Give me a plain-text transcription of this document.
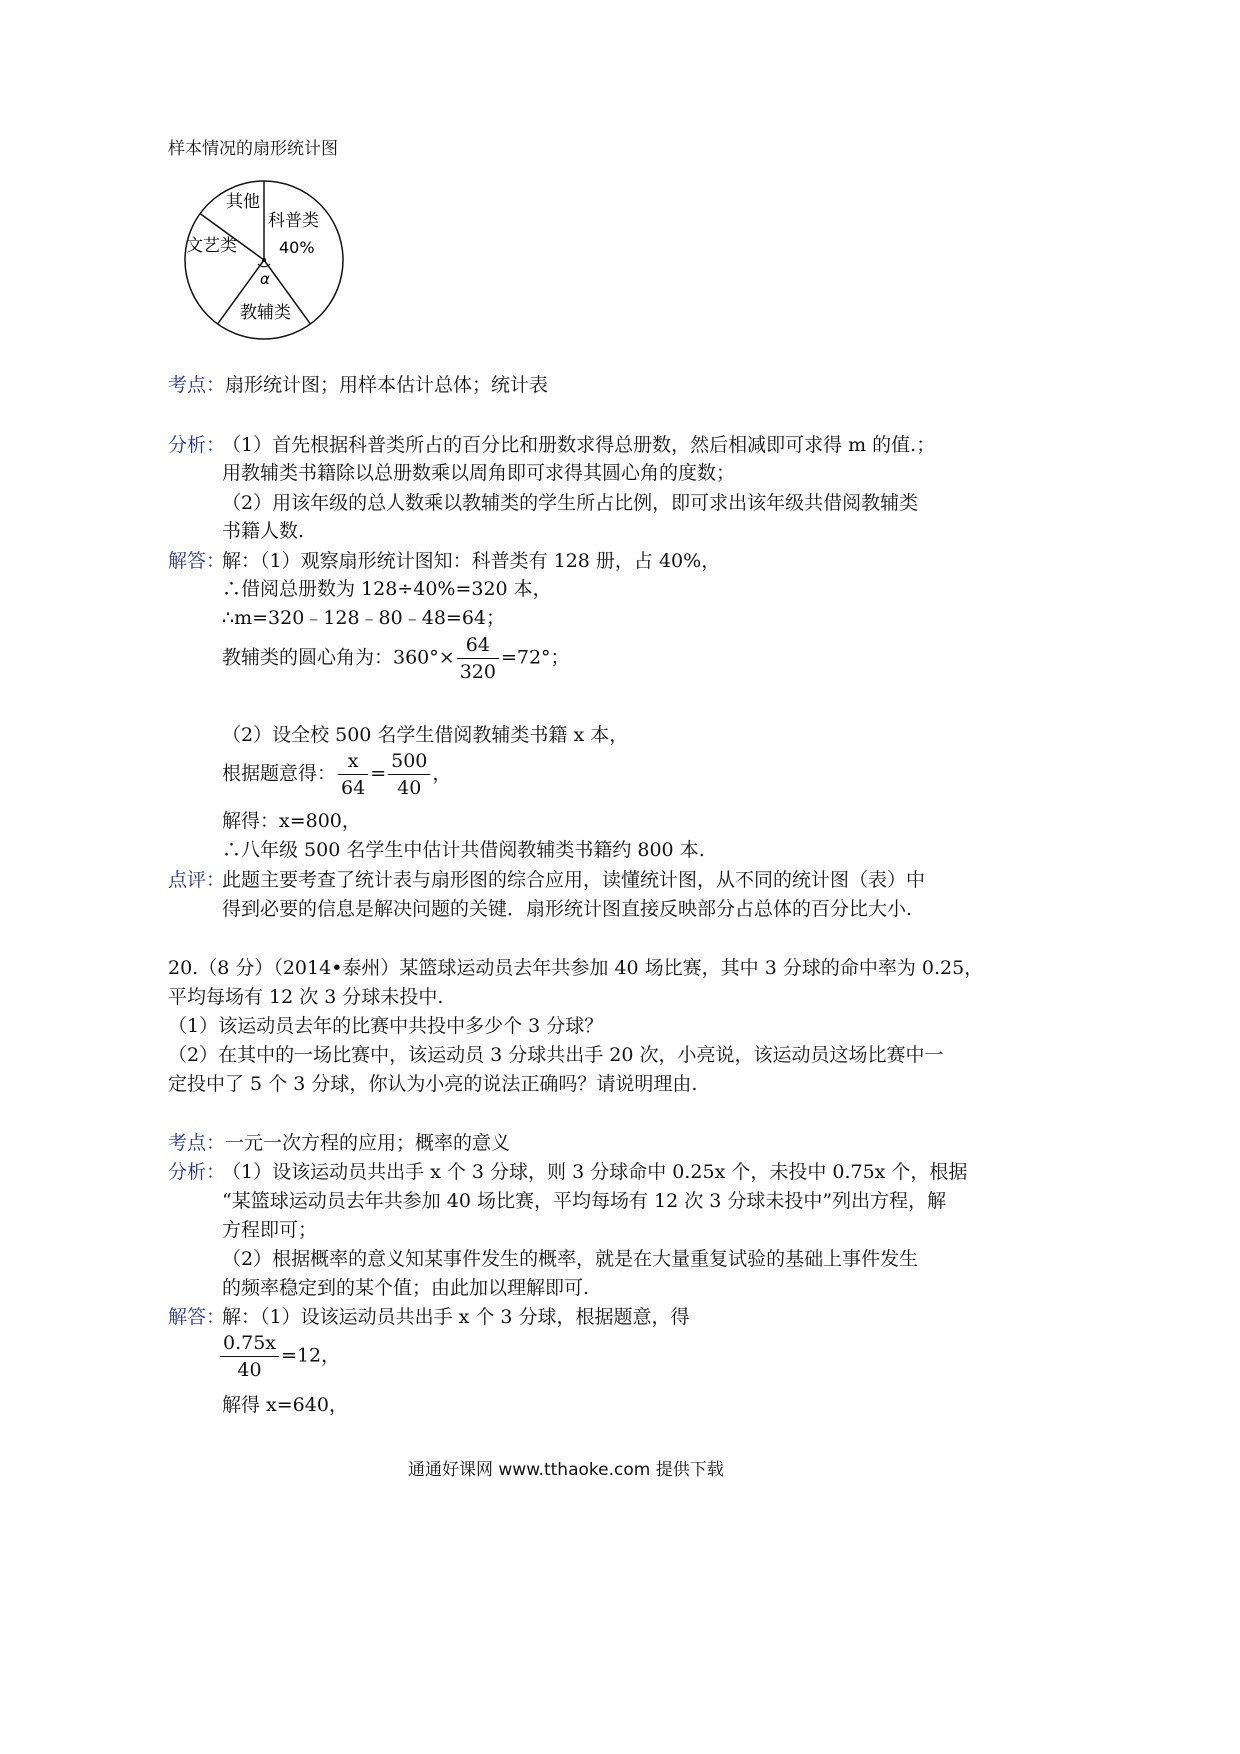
样本情况的扇形统计图
其他
科普类
40%
文艺类
α
教辅类
考点：扇形统计图；用样本估计总体；统计表
分析：
（1）首先根据科普类所占的百分比和册数求得总册数，然后相减即可求得 m 的值.；
用教辅类书籍除以总册数乘以周角即可求得其圆心角的度数；
（2）用该年级的总人数乘以教辅类的学生所占比例，即可求出该年级共借阅教辅类
书籍人数.
解答：
解：（1）观察扇形统计图知：科普类有 128 册，占 40%，
∴借阅总册数为 128÷40%=320 本，
∴m=320﹣128﹣80﹣48=64；
教辅类的圆心角为：$360^\circ\times \frac{64}{320} =72^\circ$；
（2）设全校 500 名学生借阅教辅类书籍 x 本，
根据题意得： $\frac{x}{64} = \frac{500}{40}$ ，
解得：x=800，
∴八年级 500 名学生中估计共借阅教辅类书籍约 800 本.
点评：
此题主要考查了统计表与扇形图的综合应用，读懂统计图，从不同的统计图（表）中
得到必要的信息是解决问题的关键．扇形统计图直接反映部分占总体的百分比大小.
20.（8 分）（2014•泰州）某篮球运动员去年共参加 40 场比赛，其中 3 分球的命中率为 0.25，
平均每场有 12 次 3 分球未投中.
（1）该运动员去年的比赛中共投中多少个 3 分球？
（2）在其中的一场比赛中，该运动员 3 分球共出手 20 次，小亮说，该运动员这场比赛中一
定投中了 5 个 3 分球，你认为小亮的说法正确吗？请说明理由.
考点：一元一次方程的应用；概率的意义
分析：
（1）设该运动员共出手 x 个 3 分球，则 3 分球命中 0.25x 个，未投中 0.75x 个，根据
“某篮球运动员去年共参加 40 场比赛，平均每场有 12 次 3 分球未投中”列出方程，解
方程即可；
（2）根据概率的意义知某事件发生的概率，就是在大量重复试验的基础上事件发生
的频率稳定到的某个值；由此加以理解即可.
解答：
解：（1）设该运动员共出手 x 个 3 分球，根据题意，得
$\frac{0.75x}{40} =12$，
解得 x=640，
通通好课网 www.tthaoke.com 提供下载
